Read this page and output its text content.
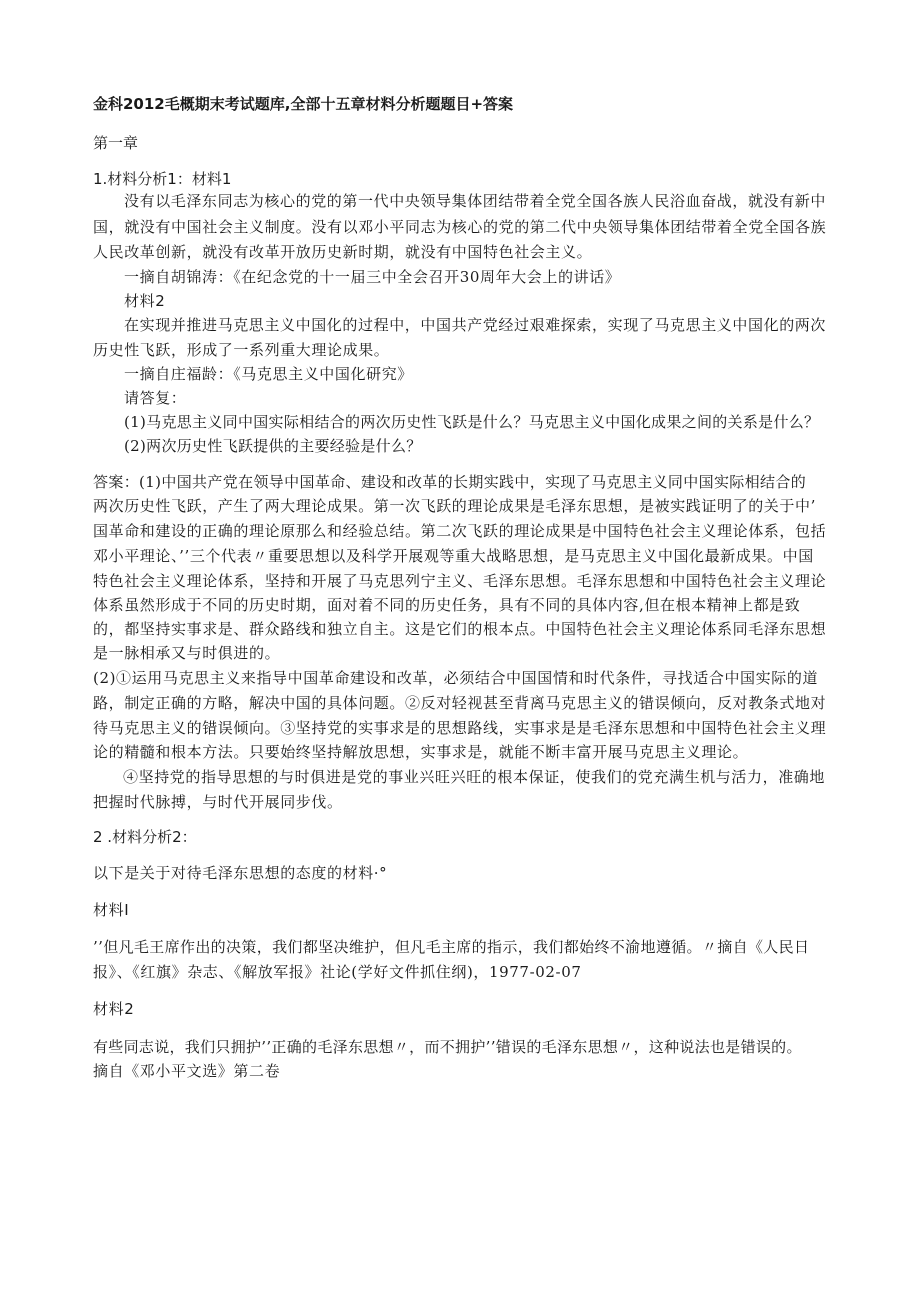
金科2012毛概期末考试题库,全部十五章材料分析题题目+答案
第一章
1.材料分析1：材料1
没有以毛泽东同志为核心的党的第一代中央领导集体团结带着全党全国各族人民浴血奋战，就没有新中
国，就没有中国社会主义制度。没有以邓小平同志为核心的党的第二代中央领导集体团结带着全党全国各族
人民改革创新，就没有改革开放历史新时期，就没有中国特色社会主义。
一摘自胡锦涛：《在纪念党的十一届三中全会召开30周年大会上的讲话》
材料2
在实现并推进马克思主义中国化的过程中，中国共产党经过艰难探索，实现了马克思主义中国化的两次
历史性飞跃，形成了一系列重大理论成果。
一摘自庄福龄：《马克思主义中国化研究》
请答复：
(1)马克思主义同中国实际相结合的两次历史性飞跃是什么？马克思主义中国化成果之间的关系是什么？
(2)两次历史性飞跃提供的主要经验是什么？
答案：(1)中国共产党在领导中国革命、建设和改革的长期实践中，实现了马克思主义同中国实际相结合的
两次历史性飞跃，产生了两大理论成果。第一次飞跃的理论成果是毛泽东思想，是被实践证明了的关于中’
国革命和建设的正确的理论原那么和经验总结。第二次飞跃的理论成果是中国特色社会主义理论体系，包括
邓小平理论、’’三个代表〃重要思想以及科学开展观等重大战略思想，是马克思主义中国化最新成果。中国
特色社会主义理论体系，坚持和开展了马克思列宁主义、毛泽东思想。毛泽东思想和中国特色社会主义理论
体系虽然形成于不同的历史时期，面对着不同的历史任务，具有不同的具体内容,但在根本精神上都是致
的，都坚持实事求是、群众路线和独立自主。这是它们的根本点。中国特色社会主义理论体系同毛泽东思想
是一脉相承又与时俱进的。
(2)①运用马克思主义来指导中国革命建设和改革，必须结合中国国情和时代条件，寻找适合中国实际的道
路，制定正确的方略，解决中国的具体问题。②反对轻视甚至背离马克思主义的错误倾向，反对教条式地对
待马克思主义的错误倾向。③坚持党的实事求是的思想路线，实事求是是毛泽东思想和中国特色社会主义理
论的精髓和根本方法。只要始终坚持解放思想，实事求是，就能不断丰富开展马克思主义理论。
④坚持党的指导思想的与时俱进是党的事业兴旺兴旺的根本保证，使我们的党充满生机与活力，准确地
把握时代脉搏，与时代开展同步伐。
2 .材料分析2：
以下是关于对待毛泽东思想的态度的材料·°
材料I
’’但凡毛王席作出的决策，我们都坚决维护，但凡毛主席的指示，我们都始终不渝地遵循。〃摘自《人民日
报》、《红旗》杂志、《解放军报》社论(学好文件抓住纲)，1977-02-07
材料2
有些同志说，我们只拥护’’正确的毛泽东思想〃，而不拥护’’错误的毛泽东思想〃，这种说法也是错误的。
摘自《邓小平文选》第二卷
